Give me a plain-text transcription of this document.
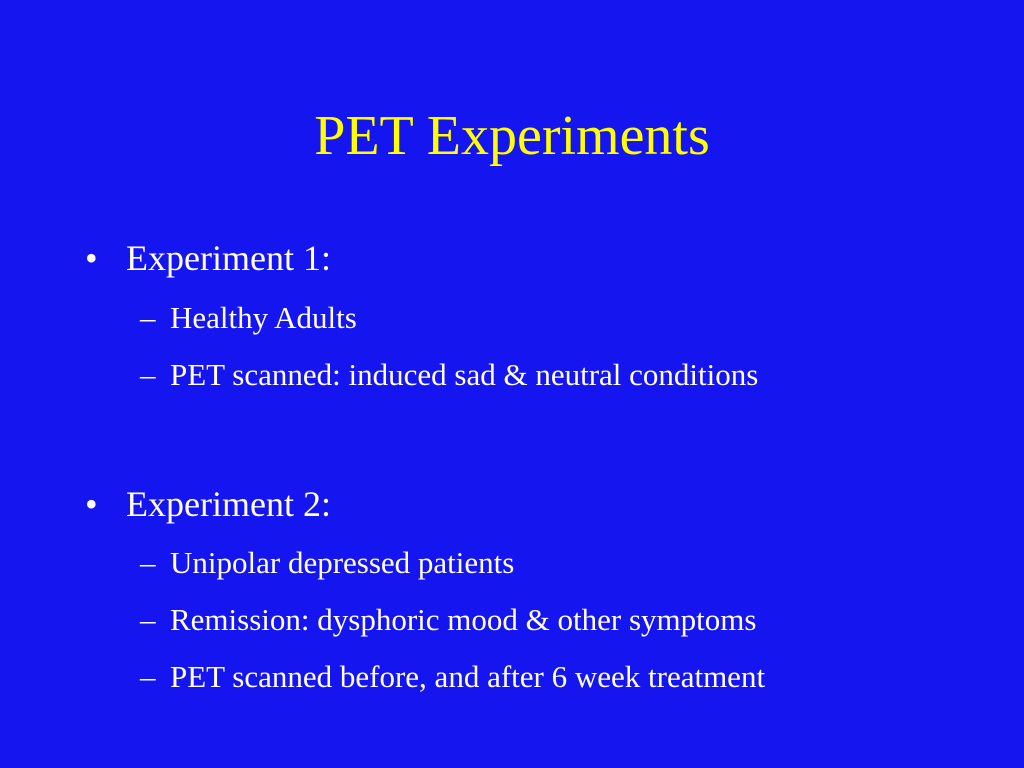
PET Experiments
• Experiment 1:
– Healthy Adults
– PET scanned: induced sad & neutral conditions
• Experiment 2:
– Unipolar depressed patients
– Remission: dysphoric mood & other symptoms
– PET scanned before, and after 6 week treatment
